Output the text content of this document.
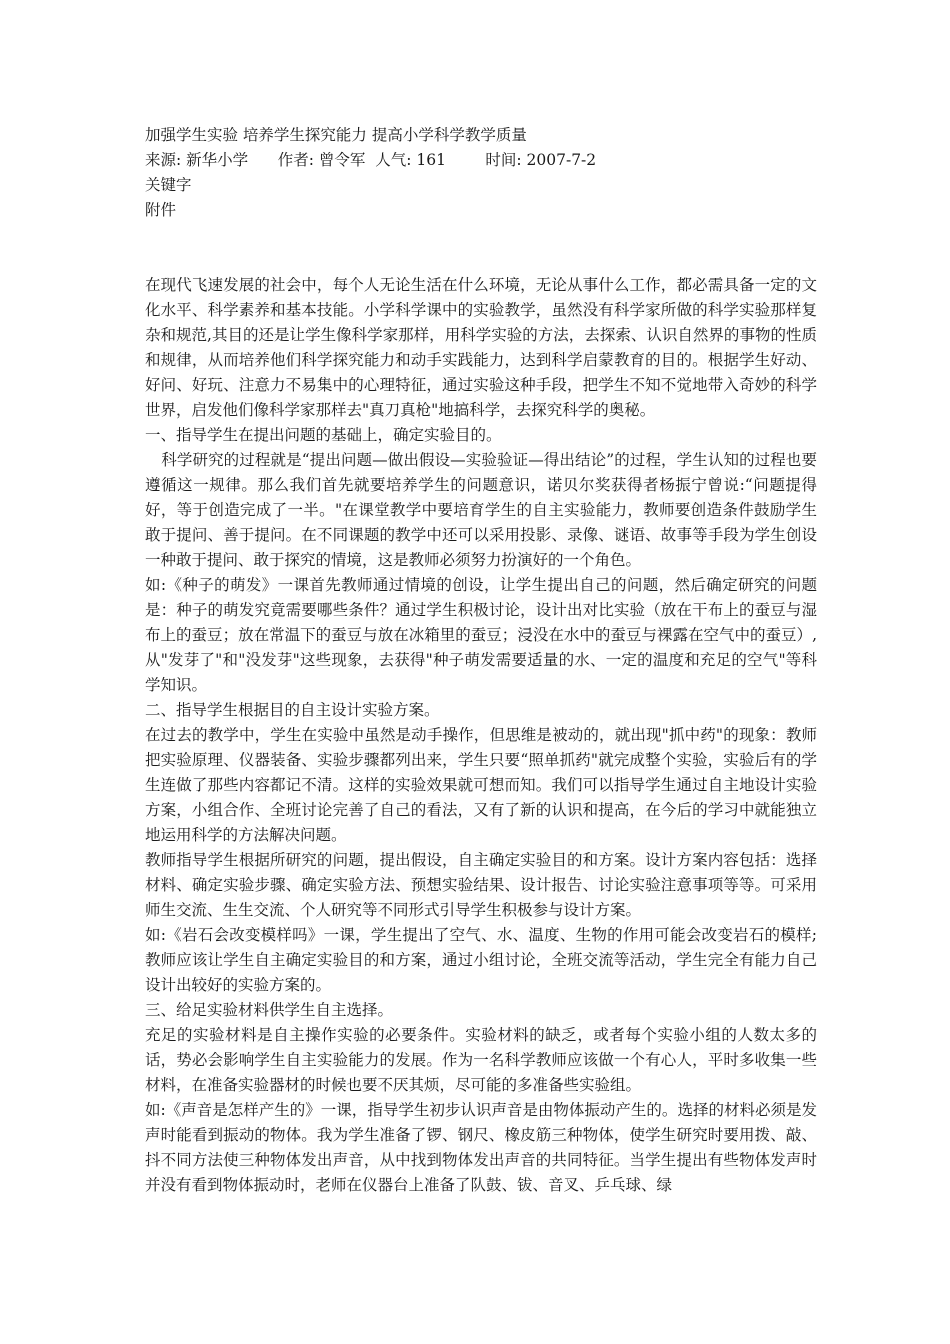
加强学生实验 培养学生探究能力 提高小学科学教学质量
来源: 新华小学      作者: 曾令军  人气: 161        时间: 2007-7-2
关键字
附件

在现代飞速发展的社会中，每个人无论生活在什么环境，无论从事什么工作，都必需具备一定的文化水平、科学素养和基本技能。小学科学课中的实验教学，虽然没有科学家所做的科学实验那样复杂和规范,其目的还是让学生像科学家那样，用科学实验的方法，去探索、认识自然界的事物的性质和规律，从而培养他们科学探究能力和动手实践能力，达到科学启蒙教育的目的。根据学生好动、好问、好玩、注意力不易集中的心理特征，通过实验这种手段，把学生不知不觉地带入奇妙的科学世界，启发他们像科学家那样去"真刀真枪"地搞科学，去探究科学的奥秘。

一、指导学生在提出问题的基础上，确定实验目的。

科学研究的过程就是“提出问题—做出假设—实验验证—得出结论”的过程，学生认知的过程也要遵循这一规律。那么我们首先就要培养学生的问题意识，诺贝尔奖获得者杨振宁曾说:“问题提得好，等于创造完成了一半。"在课堂教学中要培育学生的自主实验能力，教师要创造条件鼓励学生敢于提问、善于提问。在不同课题的教学中还可以采用投影、录像、谜语、故事等手段为学生创设一种敢于提问、敢于探究的情境，这是教师必须努力扮演好的一个角色。

如:《种子的萌发》一课首先教师通过情境的创设，让学生提出自己的问题，然后确定研究的问题是：种子的萌发究竟需要哪些条件？通过学生积极讨论，设计出对比实验（放在干布上的蚕豆与湿布上的蚕豆；放在常温下的蚕豆与放在冰箱里的蚕豆；浸没在水中的蚕豆与裸露在空气中的蚕豆）,从"发芽了"和"没发芽"这些现象，去获得"种子萌发需要适量的水、一定的温度和充足的空气"等科学知识。

二、指导学生根据目的自主设计实验方案。

在过去的教学中，学生在实验中虽然是动手操作，但思维是被动的，就出现"抓中药"的现象：教师把实验原理、仪器装备、实验步骤都列出来，学生只要“照单抓药"就完成整个实验，实验后有的学生连做了那些内容都记不清。这样的实验效果就可想而知。我们可以指导学生通过自主地设计实验方案，小组合作、全班讨论完善了自己的看法，又有了新的认识和提高，在今后的学习中就能独立地运用科学的方法解决问题。

教师指导学生根据所研究的问题，提出假设，自主确定实验目的和方案。设计方案内容包括：选择材料、确定实验步骤、确定实验方法、预想实验结果、设计报告、讨论实验注意事项等等。可采用师生交流、生生交流、个人研究等不同形式引导学生积极参与设计方案。

如:《岩石会改变模样吗》一课，学生提出了空气、水、温度、生物的作用可能会改变岩石的模样;教师应该让学生自主确定实验目的和方案，通过小组讨论，全班交流等活动，学生完全有能力自己设计出较好的实验方案的。

三、给足实验材料供学生自主选择。

充足的实验材料是自主操作实验的必要条件。实验材料的缺乏，或者每个实验小组的人数太多的话，势必会影响学生自主实验能力的发展。作为一名科学教师应该做一个有心人，平时多收集一些材料，在准备实验器材的时候也要不厌其烦，尽可能的多准备些实验组。

如:《声音是怎样产生的》一课，指导学生初步认识声音是由物体振动产生的。选择的材料必须是发声时能看到振动的物体。我为学生准备了锣、钢尺、橡皮筋三种物体，使学生研究时要用拨、敲、抖不同方法使三种物体发出声音，从中找到物体发出声音的共同特征。当学生提出有些物体发声时并没有看到物体振动时，老师在仪器台上准备了队鼓、钹、音叉、乒乓球、绿
